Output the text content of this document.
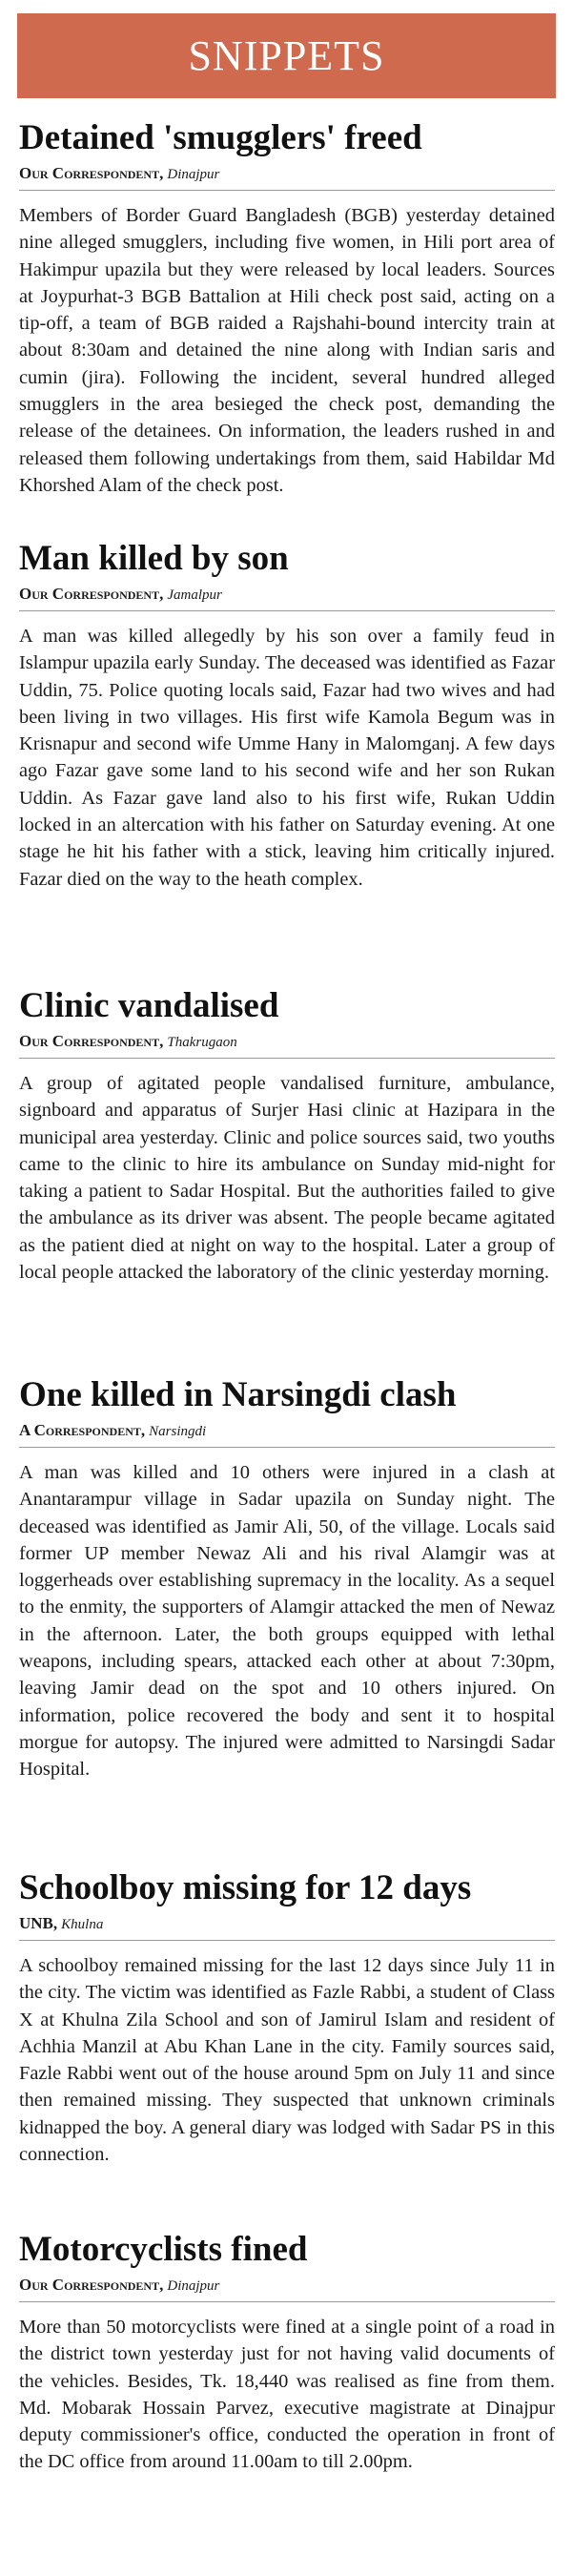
SNIPPETS
Detained 'smugglers' freed
Our Correspondent, Dinajpur
Members of Border Guard Bangladesh (BGB) yesterday detained nine alleged smugglers, including five women, in Hili port area of Hakimpur upazila but they were released by local leaders. Sources at Joypurhat-3 BGB Battalion at Hili check post said, acting on a tip-off, a team of BGB raided a Rajshahi-bound intercity train at about 8:30am and detained the nine along with Indian saris and cumin (jira). Following the incident, several hundred alleged smugglers in the area besieged the check post, demanding the release of the detainees. On information, the leaders rushed in and released them following undertakings from them, said Habildar Md Khorshed Alam of the check post.
Man killed by son
Our Correspondent, Jamalpur
A man was killed allegedly by his son over a family feud in Islampur upazila early Sunday. The deceased was identified as Fazar Uddin, 75. Police quoting locals said, Fazar had two wives and had been living in two villages. His first wife Kamola Begum was in Krisnapur and second wife Umme Hany in Malomganj. A few days ago Fazar gave some land to his second wife and her son Rukan Uddin. As Fazar gave land also to his first wife, Rukan Uddin locked in an altercation with his father on Saturday evening. At one stage he hit his father with a stick, leaving him critically injured. Fazar died on the way to the heath complex.
Clinic vandalised
Our Correspondent, Thakrugaon
A group of agitated people vandalised furniture, ambulance, signboard and apparatus of Surjer Hasi clinic at Hazipara in the municipal area yesterday. Clinic and police sources said, two youths came to the clinic to hire its ambulance on Sunday mid-night for taking a patient to Sadar Hospital. But the authorities failed to give the ambulance as its driver was absent. The people became agitated as the patient died at night on way to the hospital. Later a group of local people attacked the laboratory of the clinic yesterday morning.
One killed in Narsingdi clash
A Correspondent, Narsingdi
A man was killed and 10 others were injured in a clash at Anantarampur village in Sadar upazila on Sunday night. The deceased was identified as Jamir Ali, 50, of the village. Locals said former UP member Newaz Ali and his rival Alamgir was at loggerheads over establishing supremacy in the locality. As a sequel to the enmity, the supporters of Alamgir attacked the men of Newaz in the afternoon. Later, the both groups equipped with lethal weapons, including spears, attacked each other at about 7:30pm, leaving Jamir dead on the spot and 10 others injured. On information, police recovered the body and sent it to hospital morgue for autopsy. The injured were admitted to Narsingdi Sadar Hospital.
Schoolboy missing for 12 days
UNB, Khulna
A schoolboy remained missing for the last 12 days since July 11 in the city. The victim was identified as Fazle Rabbi, a student of Class X at Khulna Zila School and son of Jamirul Islam and resident of Achhia Manzil at Abu Khan Lane in the city. Family sources said, Fazle Rabbi went out of the house around 5pm on July 11 and since then remained missing. They suspected that unknown criminals kidnapped the boy. A general diary was lodged with Sadar PS in this connection.
Motorcyclists fined
Our Correspondent, Dinajpur
More than 50 motorcyclists were fined at a single point of a road in the district town yesterday just for not having valid documents of the vehicles. Besides, Tk. 18,440 was realised as fine from them. Md. Mobarak Hossain Parvez, executive magistrate at Dinajpur deputy commissioner's office, conducted the operation in front of the DC office from around 11.00am to till 2.00pm.
